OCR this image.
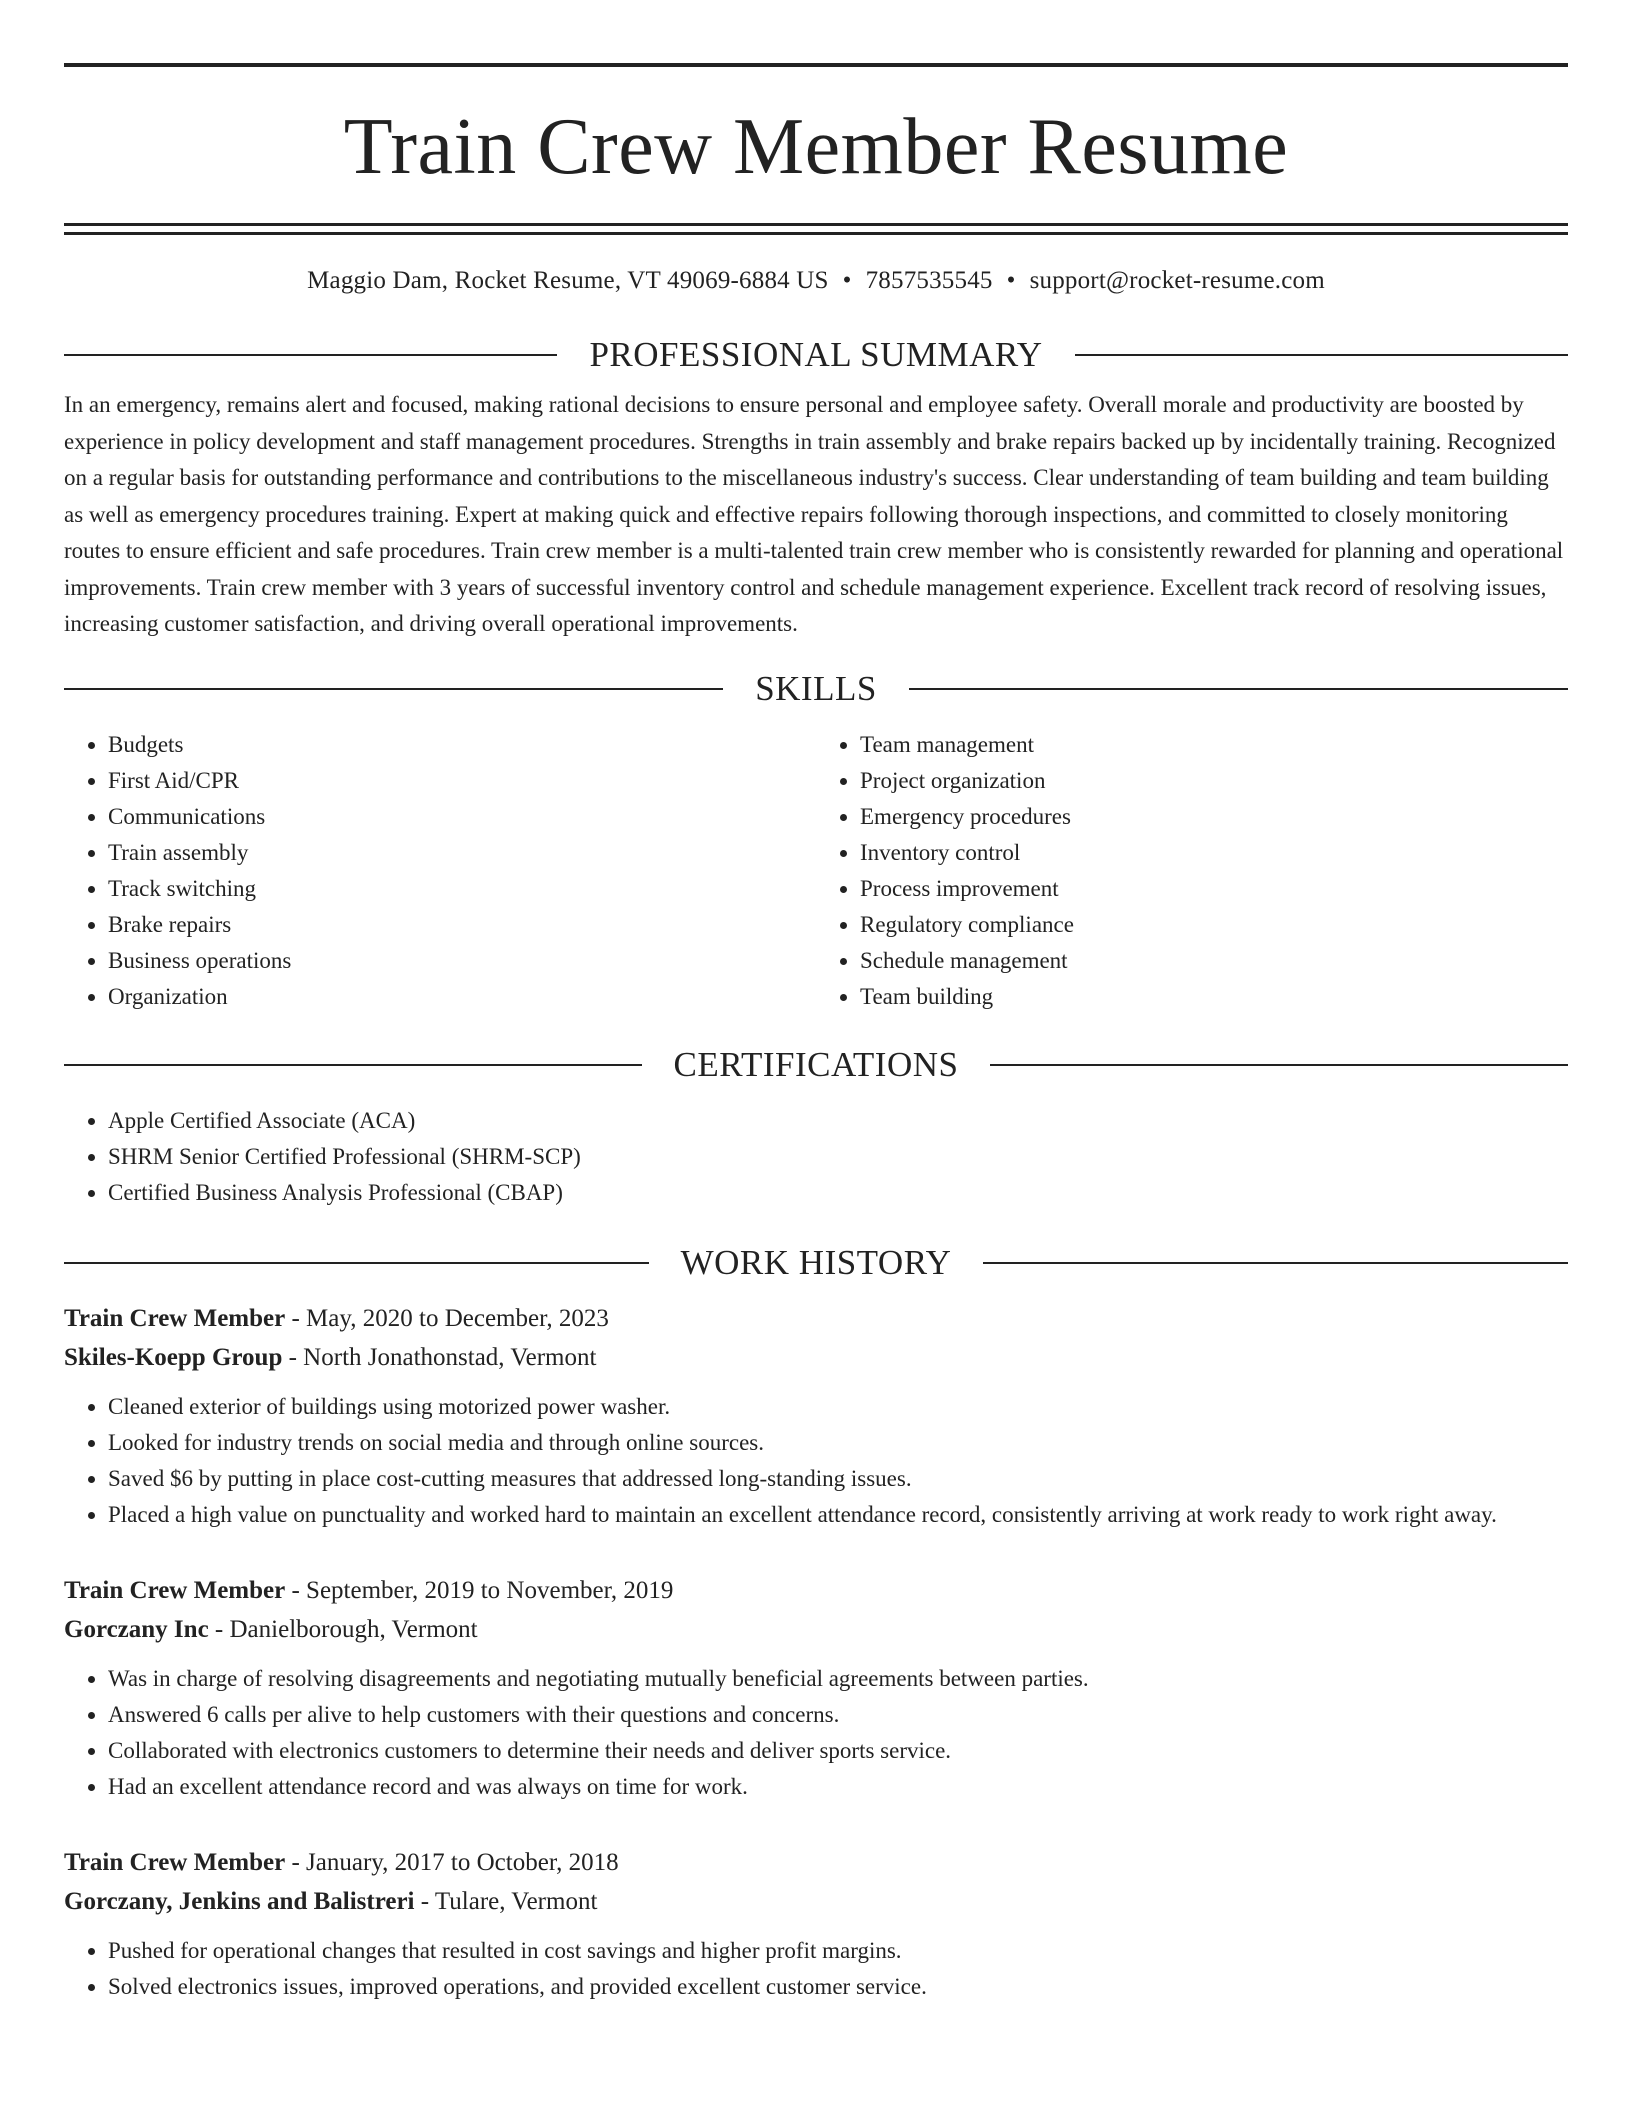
Train Crew Member Resume
Maggio Dam, Rocket Resume, VT 49069-6884 US • 7857535545 • support@rocket-resume.com
PROFESSIONAL SUMMARY

In an emergency, remains alert and focused, making rational decisions to ensure personal and employee safety. Overall morale and productivity are boosted by experience in policy development and staff management procedures. Strengths in train assembly and brake repairs backed up by incidentally training. Recognized on a regular basis for outstanding performance and contributions to the miscellaneous industry's success. Clear understanding of team building and team building as well as emergency procedures training. Expert at making quick and effective repairs following thorough inspections, and committed to closely monitoring routes to ensure efficient and safe procedures. Train crew member is a multi-talented train crew member who is consistently rewarded for planning and operational improvements. Train crew member with 3 years of successful inventory control and schedule management experience. Excellent track record of resolving issues, increasing customer satisfaction, and driving overall operational improvements.

SKILLS
• Budgets
• First Aid/CPR
• Communications
• Train assembly
• Track switching
• Brake repairs
• Business operations
• Organization
• Team management
• Project organization
• Emergency procedures
• Inventory control
• Process improvement
• Regulatory compliance
• Schedule management
• Team building
CERTIFICATIONS
• Apple Certified Associate (ACA)
• SHRM Senior Certified Professional (SHRM-SCP)
• Certified Business Analysis Professional (CBAP)
WORK HISTORY
Train Crew Member - May, 2020 to December, 2023
Skiles-Koepp Group - North Jonathonstad, Vermont
• Cleaned exterior of buildings using motorized power washer.
• Looked for industry trends on social media and through online sources.
• Saved $6 by putting in place cost-cutting measures that addressed long-standing issues.
• Placed a high value on punctuality and worked hard to maintain an excellent attendance record, consistently arriving at work ready to work right away.
Train Crew Member - September, 2019 to November, 2019
Gorczany Inc - Danielborough, Vermont
• Was in charge of resolving disagreements and negotiating mutually beneficial agreements between parties.
• Answered 6 calls per alive to help customers with their questions and concerns.
• Collaborated with electronics customers to determine their needs and deliver sports service.
• Had an excellent attendance record and was always on time for work.
Train Crew Member - January, 2017 to October, 2018
Gorczany, Jenkins and Balistreri - Tulare, Vermont
• Pushed for operational changes that resulted in cost savings and higher profit margins.
• Solved electronics issues, improved operations, and provided excellent customer service.
